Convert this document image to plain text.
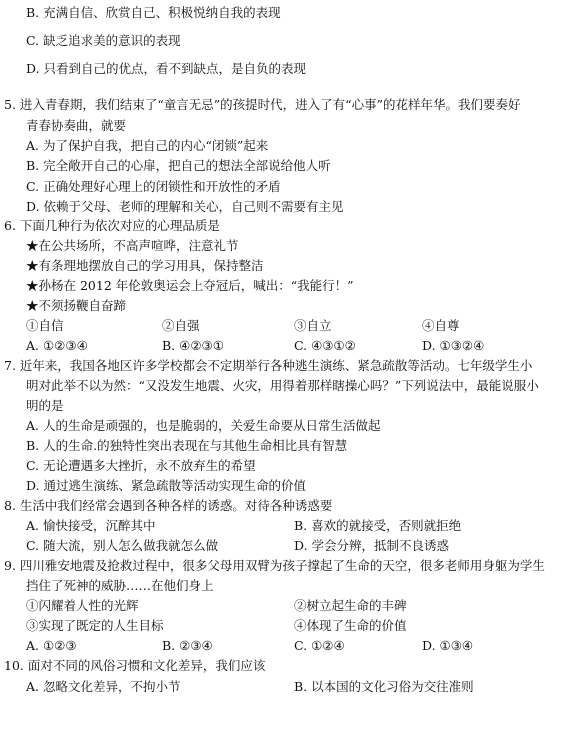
B. 充满自信、欣赏自己、积极悦纳自我的表现
C. 缺乏追求美的意识的表现
D. 只看到自己的优点，看不到缺点，是自负的表现
5. 进入青春期，我们结束了“童言无忌”的孩提时代，进入了有“心事”的花样年华。我们要奏好
青春协奏曲，就要
A. 为了保护自我，把自己的内心“闭锁”起来
B. 完全敞开自己的心扉，把自己的想法全部说给他人听
C. 正确处理好心理上的闭锁性和开放性的矛盾
D. 依赖于父母、老师的理解和关心，自己则不需要有主见
6. 下面几种行为依次对应的心理品质是
★在公共场所，不高声喧哗，注意礼节
★有条理地摆放自己的学习用具，保持整洁
★孙杨在 2012 年伦敦奥运会上夺冠后，喊出：“我能行！”
★不须扬鞭自奋蹄
①自信	②自强	③自立	④自尊
A. ①②③④	B. ④②③①	C. ④③①②	D. ①③②④
7. 近年来，我国各地区许多学校都会不定期举行各种逃生演练、紧急疏散等活动。七年级学生小
明对此举不以为然：“又没发生地震、火灾，用得着那样瞎操心吗？”下列说法中，最能说服小
明的是
A. 人的生命是顽强的，也是脆弱的，关爱生命要从日常生活做起
B. 人的生命.的独特性突出表现在与其他生命相比具有智慧
C. 无论遭遇多大挫折，永不放弃生的希望
D. 通过逃生演练、紧急疏散等活动实现生命的价值
8. 生活中我们经常会遇到各种各样的诱惑。对待各种诱惑要
A. 愉快接受，沉醉其中	B. 喜欢的就接受，否则就拒绝
C. 随大流，别人怎么做我就怎么做	D. 学会分辨，抵制不良诱惑
9. 四川雅安地震及抢救过程中，很多父母用双臂为孩子撑起了生命的天空，很多老师用身躯为学生
挡住了死神的威胁……在他们身上
①闪耀着人性的光辉	②树立起生命的丰碑
③实现了既定的人生目标	④体现了生命的价值
A. ①②③	B. ②③④	C. ①②④	D. ①③④
10. 面对不同的风俗习惯和文化差异，我们应该
A. 忽略文化差异，不拘小节	B. 以本国的文化习俗为交往准则
